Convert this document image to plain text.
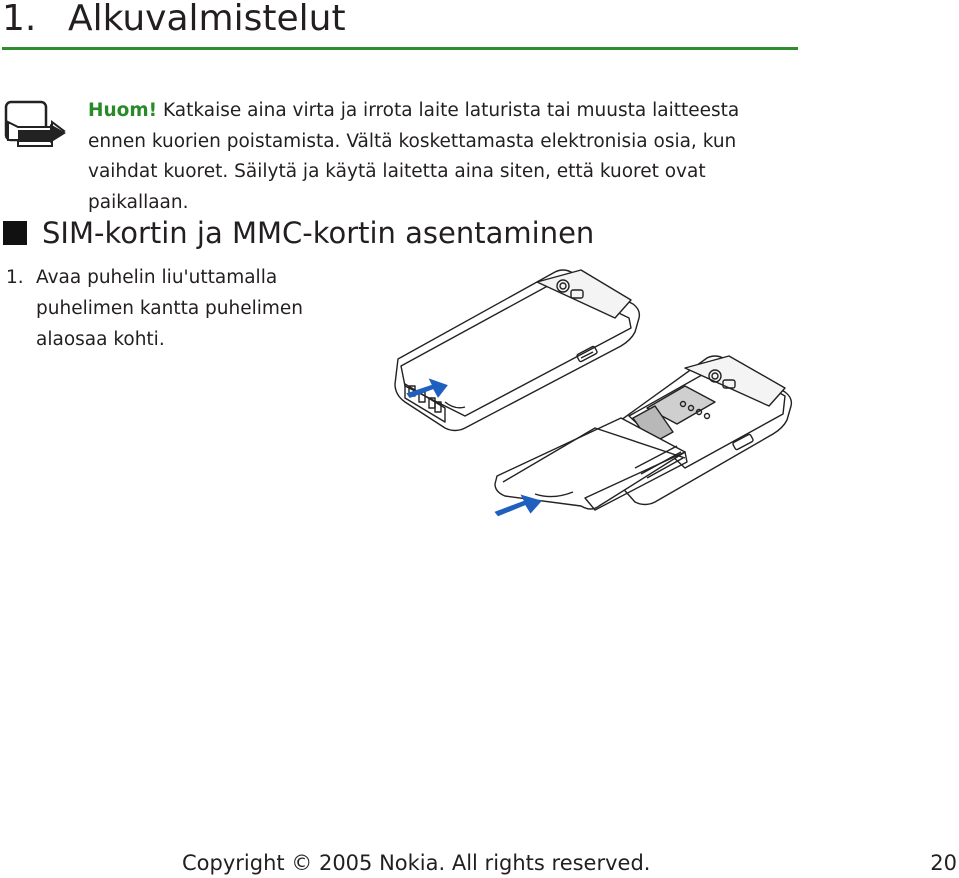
1. Alkuvalmistelut
Huom! Katkaise aina virta ja irrota laite laturista tai muusta laitteesta ennen kuorien poistamista. Vältä koskettamasta elektronisia osia, kun vaihdat kuoret. Säilytä ja käytä laitetta aina siten, että kuoret ovat paikallaan.
SIM-kortin ja MMC-kortin asentaminen
1. Avaa puhelin liu'uttamalla puhelimen kantta puhelimen alaosaa kohti.
Copyright © 2005 Nokia. All rights reserved.	20
